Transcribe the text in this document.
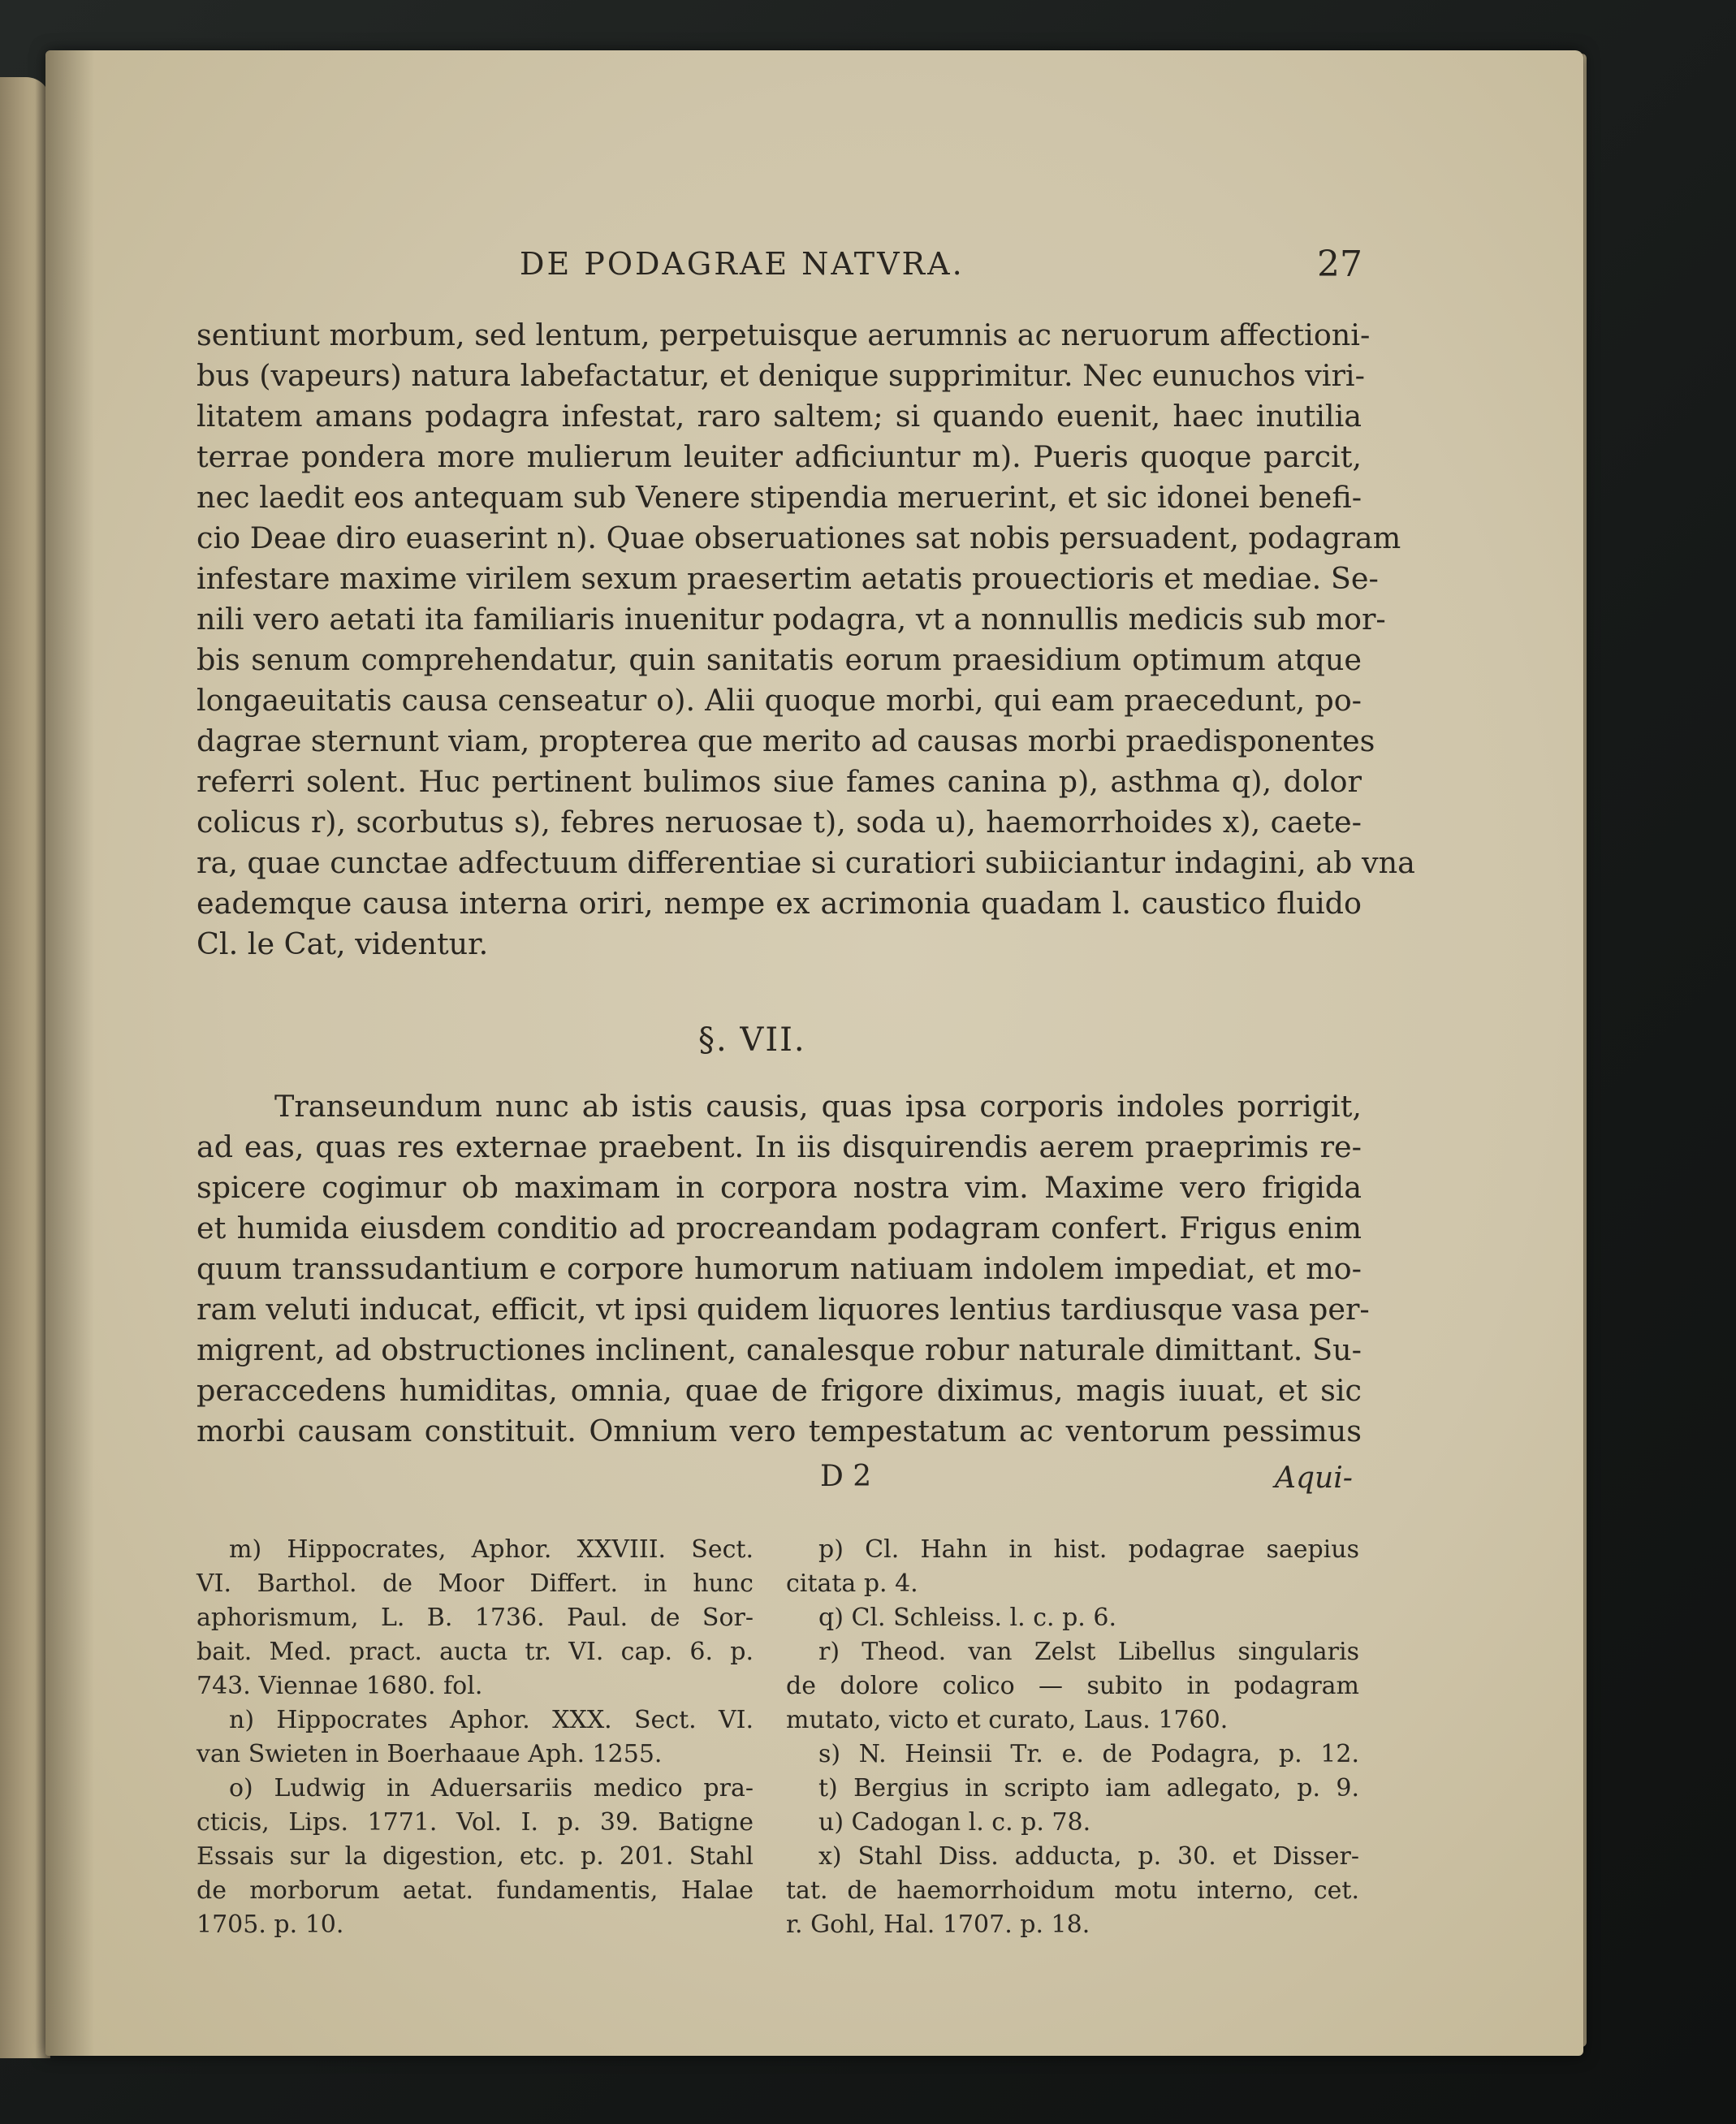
DE PODAGRAE NATVRA.	27
sentiunt morbum, sed lentum, perpetuisque aerumnis ac neruorum affectioni-
bus (vapeurs) natura labefactatur, et denique supprimitur. Nec eunuchos viri-
litatem amans podagra infestat, raro saltem; si quando euenit, haec inutilia
terrae pondera more mulierum leuiter adficiuntur m). Pueris quoque parcit,
nec laedit eos antequam sub Venere stipendia meruerint, et sic idonei benefi-
cio Deae diro euaserint n). Quae obseruationes sat nobis persuadent, podagram
infestare maxime virilem sexum praesertim aetatis prouectioris et mediae. Se-
nili vero aetati ita familiaris inuenitur podagra, vt a nonnullis medicis sub mor-
bis senum comprehendatur, quin sanitatis eorum praesidium optimum atque
longaeuitatis causa censeatur o). Alii quoque morbi, qui eam praecedunt, po-
dagrae sternunt viam, propterea que merito ad causas morbi praedisponentes
referri solent. Huc pertinent bulimos siue fames canina p), asthma q), dolor
colicus r), scorbutus s), febres neruosae t), soda u), haemorrhoides x), caete-
ra, quae cunctae adfectuum differentiae si curatiori subiiciantur indagini, ab vna
eademque causa interna oriri, nempe ex acrimonia quadam l. caustico fluido
Cl. le Cat, videntur.
§. VII.
Transeundum nunc ab istis causis, quas ipsa corporis indoles porrigit,
ad eas, quas res externae praebent. In iis disquirendis aerem praeprimis re-
spicere cogimur ob maximam in corpora nostra vim. Maxime vero frigida
et humida eiusdem conditio ad procreandam podagram confert. Frigus enim
quum transsudantium e corpore humorum natiuam indolem impediat, et mo-
ram veluti inducat, efficit, vt ipsi quidem liquores lentius tardiusque vasa per-
migrent, ad obstructiones inclinent, canalesque robur naturale dimittant. Su-
peraccedens humiditas, omnia, quae de frigore diximus, magis iuuat, et sic
morbi causam constituit. Omnium vero tempestatum ac ventorum pessimus
D 2	Aqui-
m) Hippocrates, Aphor. XXVIII. Sect.
VI. Barthol. de Moor Differt. in hunc
aphorismum, L. B. 1736. Paul. de Sor-
bait. Med. pract. aucta tr. VI. cap. 6. p.
743. Viennae 1680. fol.
n) Hippocrates Aphor. XXX. Sect. VI.
van Swieten in Boerhaaue Aph. 1255.
o) Ludwig in Aduersariis medico pra-
cticis, Lips. 1771. Vol. I. p. 39. Batigne
Essais sur la digestion, etc. p. 201. Stahl
de morborum aetat. fundamentis, Halae
1705. p. 10.
p) Cl. Hahn in hist. podagrae saepius
citata p. 4.
q) Cl. Schleiss. l. c. p. 6.
r) Theod. van Zelst Libellus singularis
de dolore colico — subito in podagram
mutato, victo et curato, Laus. 1760.
s) N. Heinsii Tr. e. de Podagra, p. 12.
t) Bergius in scripto iam adlegato, p. 9.
u) Cadogan l. c. p. 78.
x) Stahl Diss. adducta, p. 30. et Disser-
tat. de haemorrhoidum motu interno, cet.
r. Gohl, Hal. 1707. p. 18.
